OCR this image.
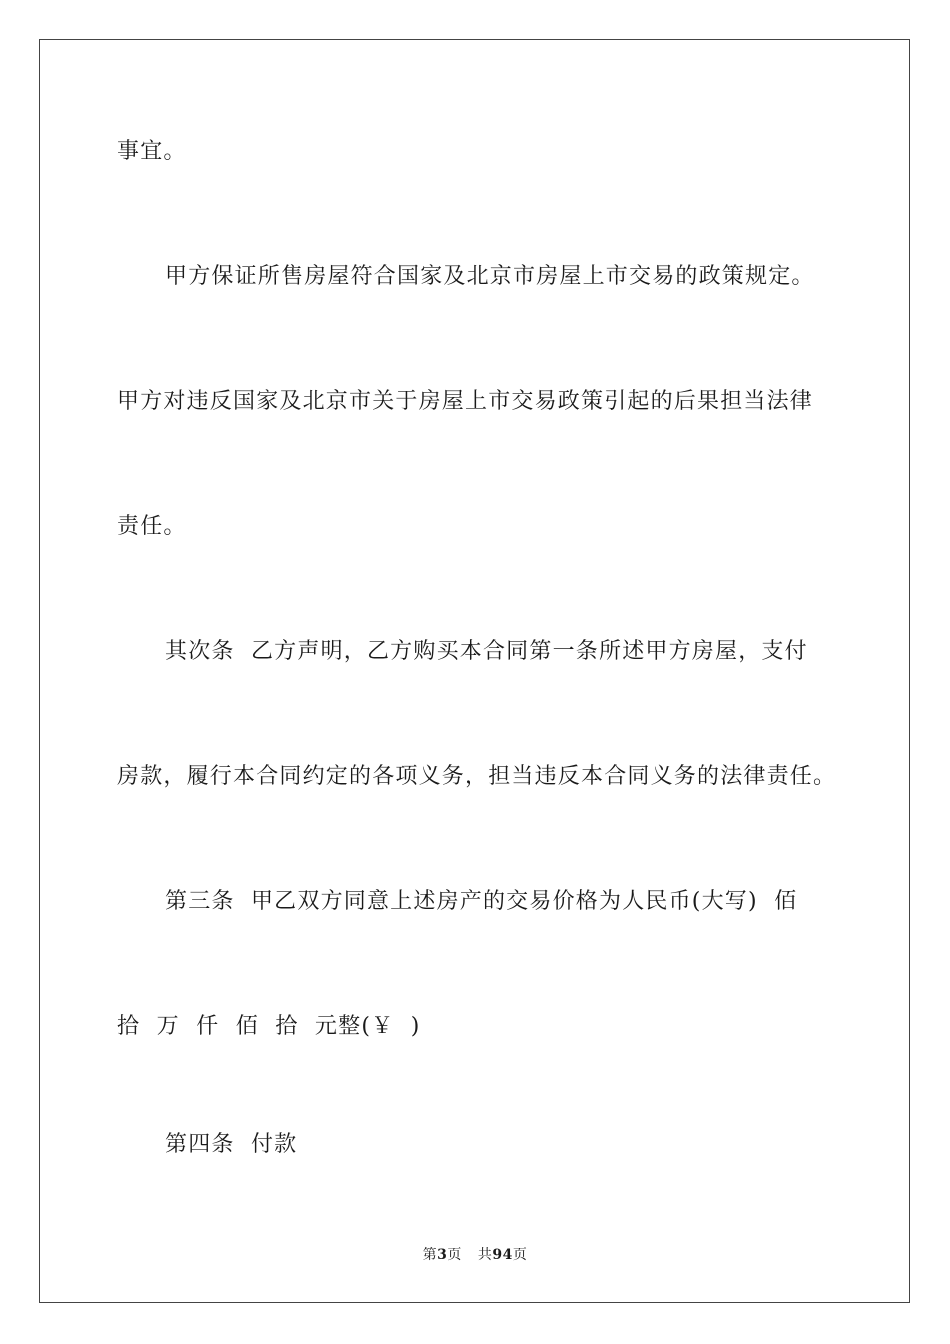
事宜。
甲方保证所售房屋符合国家及北京市房屋上市交易的政策规定。
甲方对违反国家及北京市关于房屋上市交易政策引起的后果担当法律
责任。
其次条  乙方声明，乙方购买本合同第一条所述甲方房屋，支付
房款，履行本合同约定的各项义务，担当违反本合同义务的法律责任。
第三条  甲乙双方同意上述房产的交易价格为人民币(大写)  佰
拾  万  仟  佰  拾  元整(￥  )
第四条  付款
第3页 共94页
